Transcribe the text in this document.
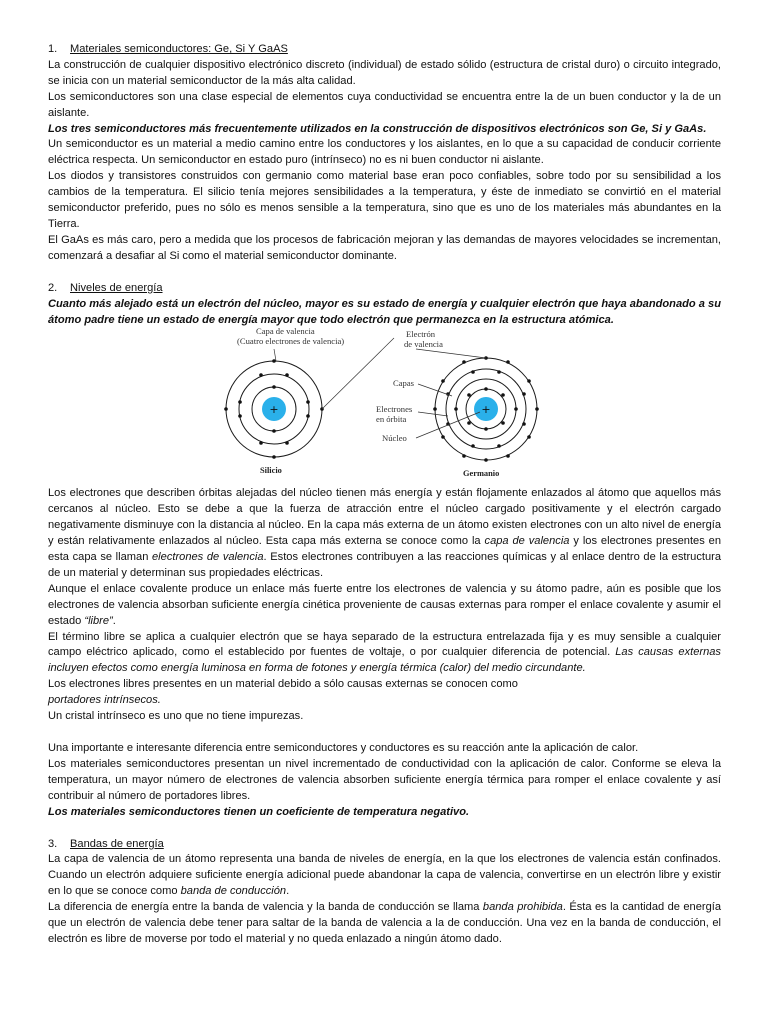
1.	Materiales semiconductores: Ge, Si Y GaAS

La construcción de cualquier dispositivo electrónico discreto (individual) de estado sólido (estructura de cristal duro) o circuito integrado, se inicia con un material semiconductor de la más alta calidad.

Los semiconductores son una clase especial de elementos cuya conductividad se encuentra entre la de un buen conductor y la de un aislante.

Los tres semiconductores más frecuentemente utilizados en la construcción de dispositivos electrónicos son Ge, Si y GaAs.

Un semiconductor es un material a medio camino entre los conductores y los aislantes, en lo que a su capacidad de conducir corriente eléctrica respecta. Un semiconductor en estado puro (intrínseco) no es ni buen conductor ni aislante.

Los diodos y transistores construidos con germanio como material base eran poco confiables, sobre todo por su sensibilidad a los cambios de la temperatura. El silicio tenía mejores sensibilidades a la temperatura, y éste de inmediato se convirtió en el material semiconductor preferido, pues no sólo es menos sensible a la temperatura, sino que es uno de los materiales más abundantes en la Tierra.

El GaAs es más caro, pero a medida que los procesos de fabricación mejoran y las demandas de mayores velocidades se incrementan, comenzará a desafiar al Si como el material semiconductor dominante.

2.	Niveles de energía

Cuanto más alejado está un electrón del núcleo, mayor es su estado de energía y cualquier electrón que haya abandonado a su átomo padre tiene un estado de energía mayor que todo electrón que permanezca en la estructura atómica.

+	+
Capa de valencia
(Cuatro electrones de valencia)
Electrón
de valencia
Capas
Electrones
en órbita
Núcleo
Silicio	Germanio

Los electrones que describen órbitas alejadas del núcleo tienen más energía y están flojamente enlazados al átomo que aquellos más cercanos al núcleo. Esto se debe a que la fuerza de atracción entre el núcleo cargado positivamente y el electrón cargado negativamente disminuye con la distancia al núcleo. En la capa más externa de un átomo existen electrones con un alto nivel de energía y están relativamente enlazados al núcleo. Esta capa más externa se conoce como la capa de valencia y los electrones presentes en esta capa se llaman electrones de valencia. Estos electrones contribuyen a las reacciones químicas y al enlace dentro de la estructura de un material y determinan sus propiedades eléctricas.

Aunque el enlace covalente produce un enlace más fuerte entre los electrones de valencia y su átomo padre, aún es posible que los electrones de valencia absorban suficiente energía cinética proveniente de causas externas para romper el enlace covalente y asumir el estado “libre”.

El término libre se aplica a cualquier electrón que se haya separado de la estructura entrelazada fija y es muy sensible a cualquier campo eléctrico aplicado, como el establecido por fuentes de voltaje, o por cualquier diferencia de potencial. Las causas externas incluyen efectos como energía luminosa en forma de fotones y energía térmica (calor) del medio circundante.

Los electrones libres presentes en un material debido a sólo causas externas se conocen como

portadores intrínsecos.

Un cristal intrínseco es uno que no tiene impurezas.

Una importante e interesante diferencia entre semiconductores y conductores es su reacción ante la aplicación de calor.

Los materiales semiconductores presentan un nivel incrementado de conductividad con la aplicación de calor. Conforme se eleva la temperatura, un mayor número de electrones de valencia absorben suficiente energía térmica para romper el enlace covalente y así contribuir al número de portadores libres.

Los materiales semiconductores tienen un coeficiente de temperatura negativo.

3.	Bandas de energía

La capa de valencia de un átomo representa una banda de niveles de energía, en la que los electrones de valencia están confinados. Cuando un electrón adquiere suficiente energía adicional puede abandonar la capa de valencia, convertirse en un electrón libre y existir en lo que se conoce como banda de conducción.

La diferencia de energía entre la banda de valencia y la banda de conducción se llama banda prohibida. Ésta es la cantidad de energía que un electrón de valencia debe tener para saltar de la banda de valencia a la de conducción. Una vez en la banda de conducción, el electrón es libre de moverse por todo el material y no queda enlazado a ningún átomo dado.
